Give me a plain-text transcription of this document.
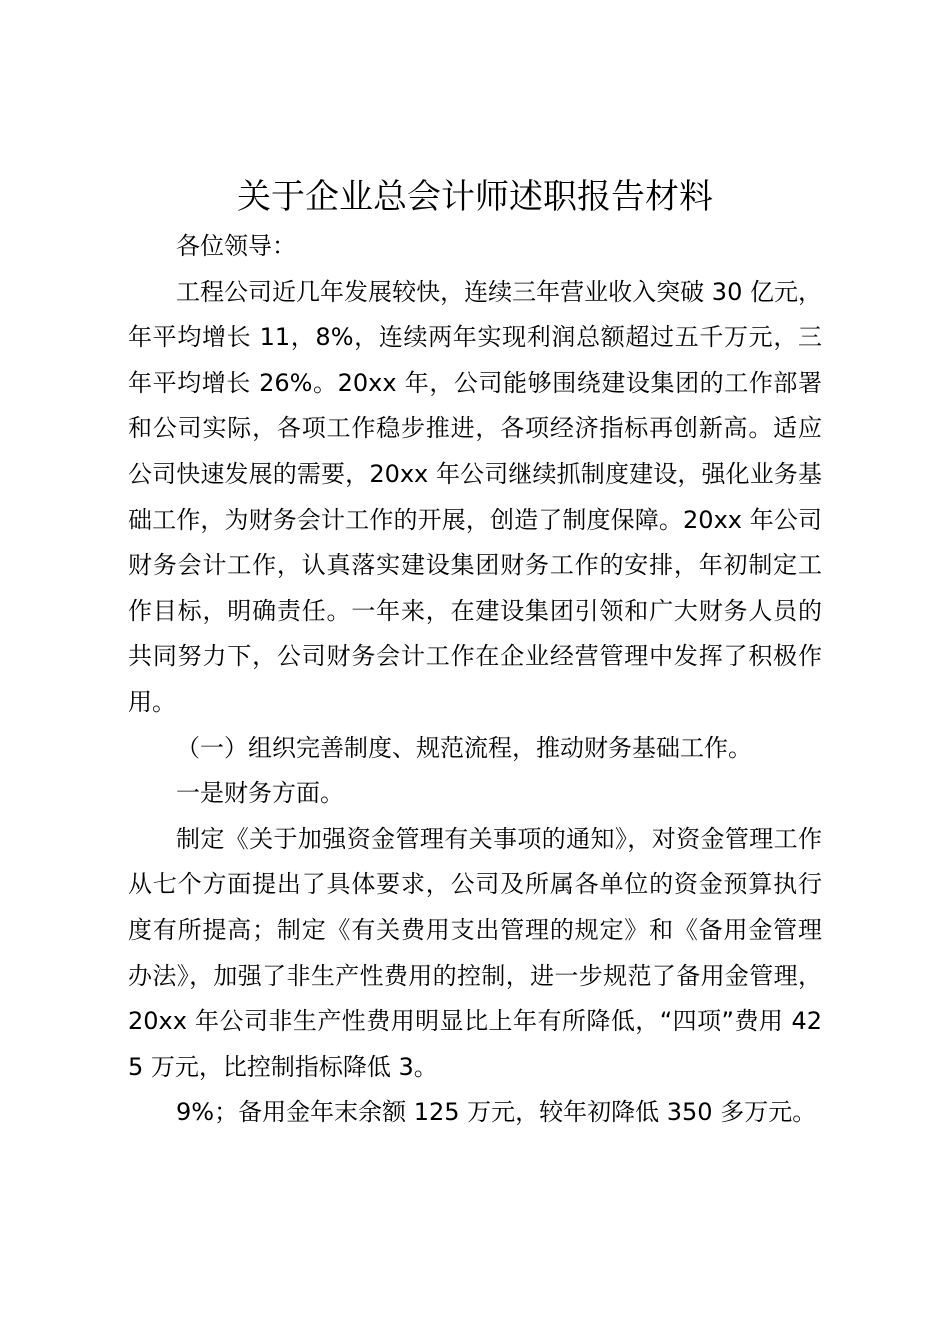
关于企业总会计师述职报告材料

各位领导：

工程公司近几年发展较快，连续三年营业收入突破 30 亿元，年平均增长 11，8%，连续两年实现利润总额超过五千万元，三年平均增长 26%。20xx 年，公司能够围绕建设集团的工作部署和公司实际，各项工作稳步推进，各项经济指标再创新高。适应公司快速发展的需要，20xx 年公司继续抓制度建设，强化业务基础工作，为财务会计工作的开展，创造了制度保障。20xx 年公司财务会计工作，认真落实建设集团财务工作的安排，年初制定工作目标，明确责任。一年来，在建设集团引领和广大财务人员的共同努力下，公司财务会计工作在企业经营管理中发挥了积极作用。

（一）组织完善制度、规范流程，推动财务基础工作。

一是财务方面。

制定《关于加强资金管理有关事项的通知》，对资金管理工作从七个方面提出了具体要求，公司及所属各单位的资金预算执行度有所提高；制定《有关费用支出管理的规定》和《备用金管理办法》，加强了非生产性费用的控制，进一步规范了备用金管理，20xx 年公司非生产性费用明显比上年有所降低，“四项”费用 425 万元，比控制指标降低 3。

9%；备用金年末余额 125 万元，较年初降低 350 多万元。
